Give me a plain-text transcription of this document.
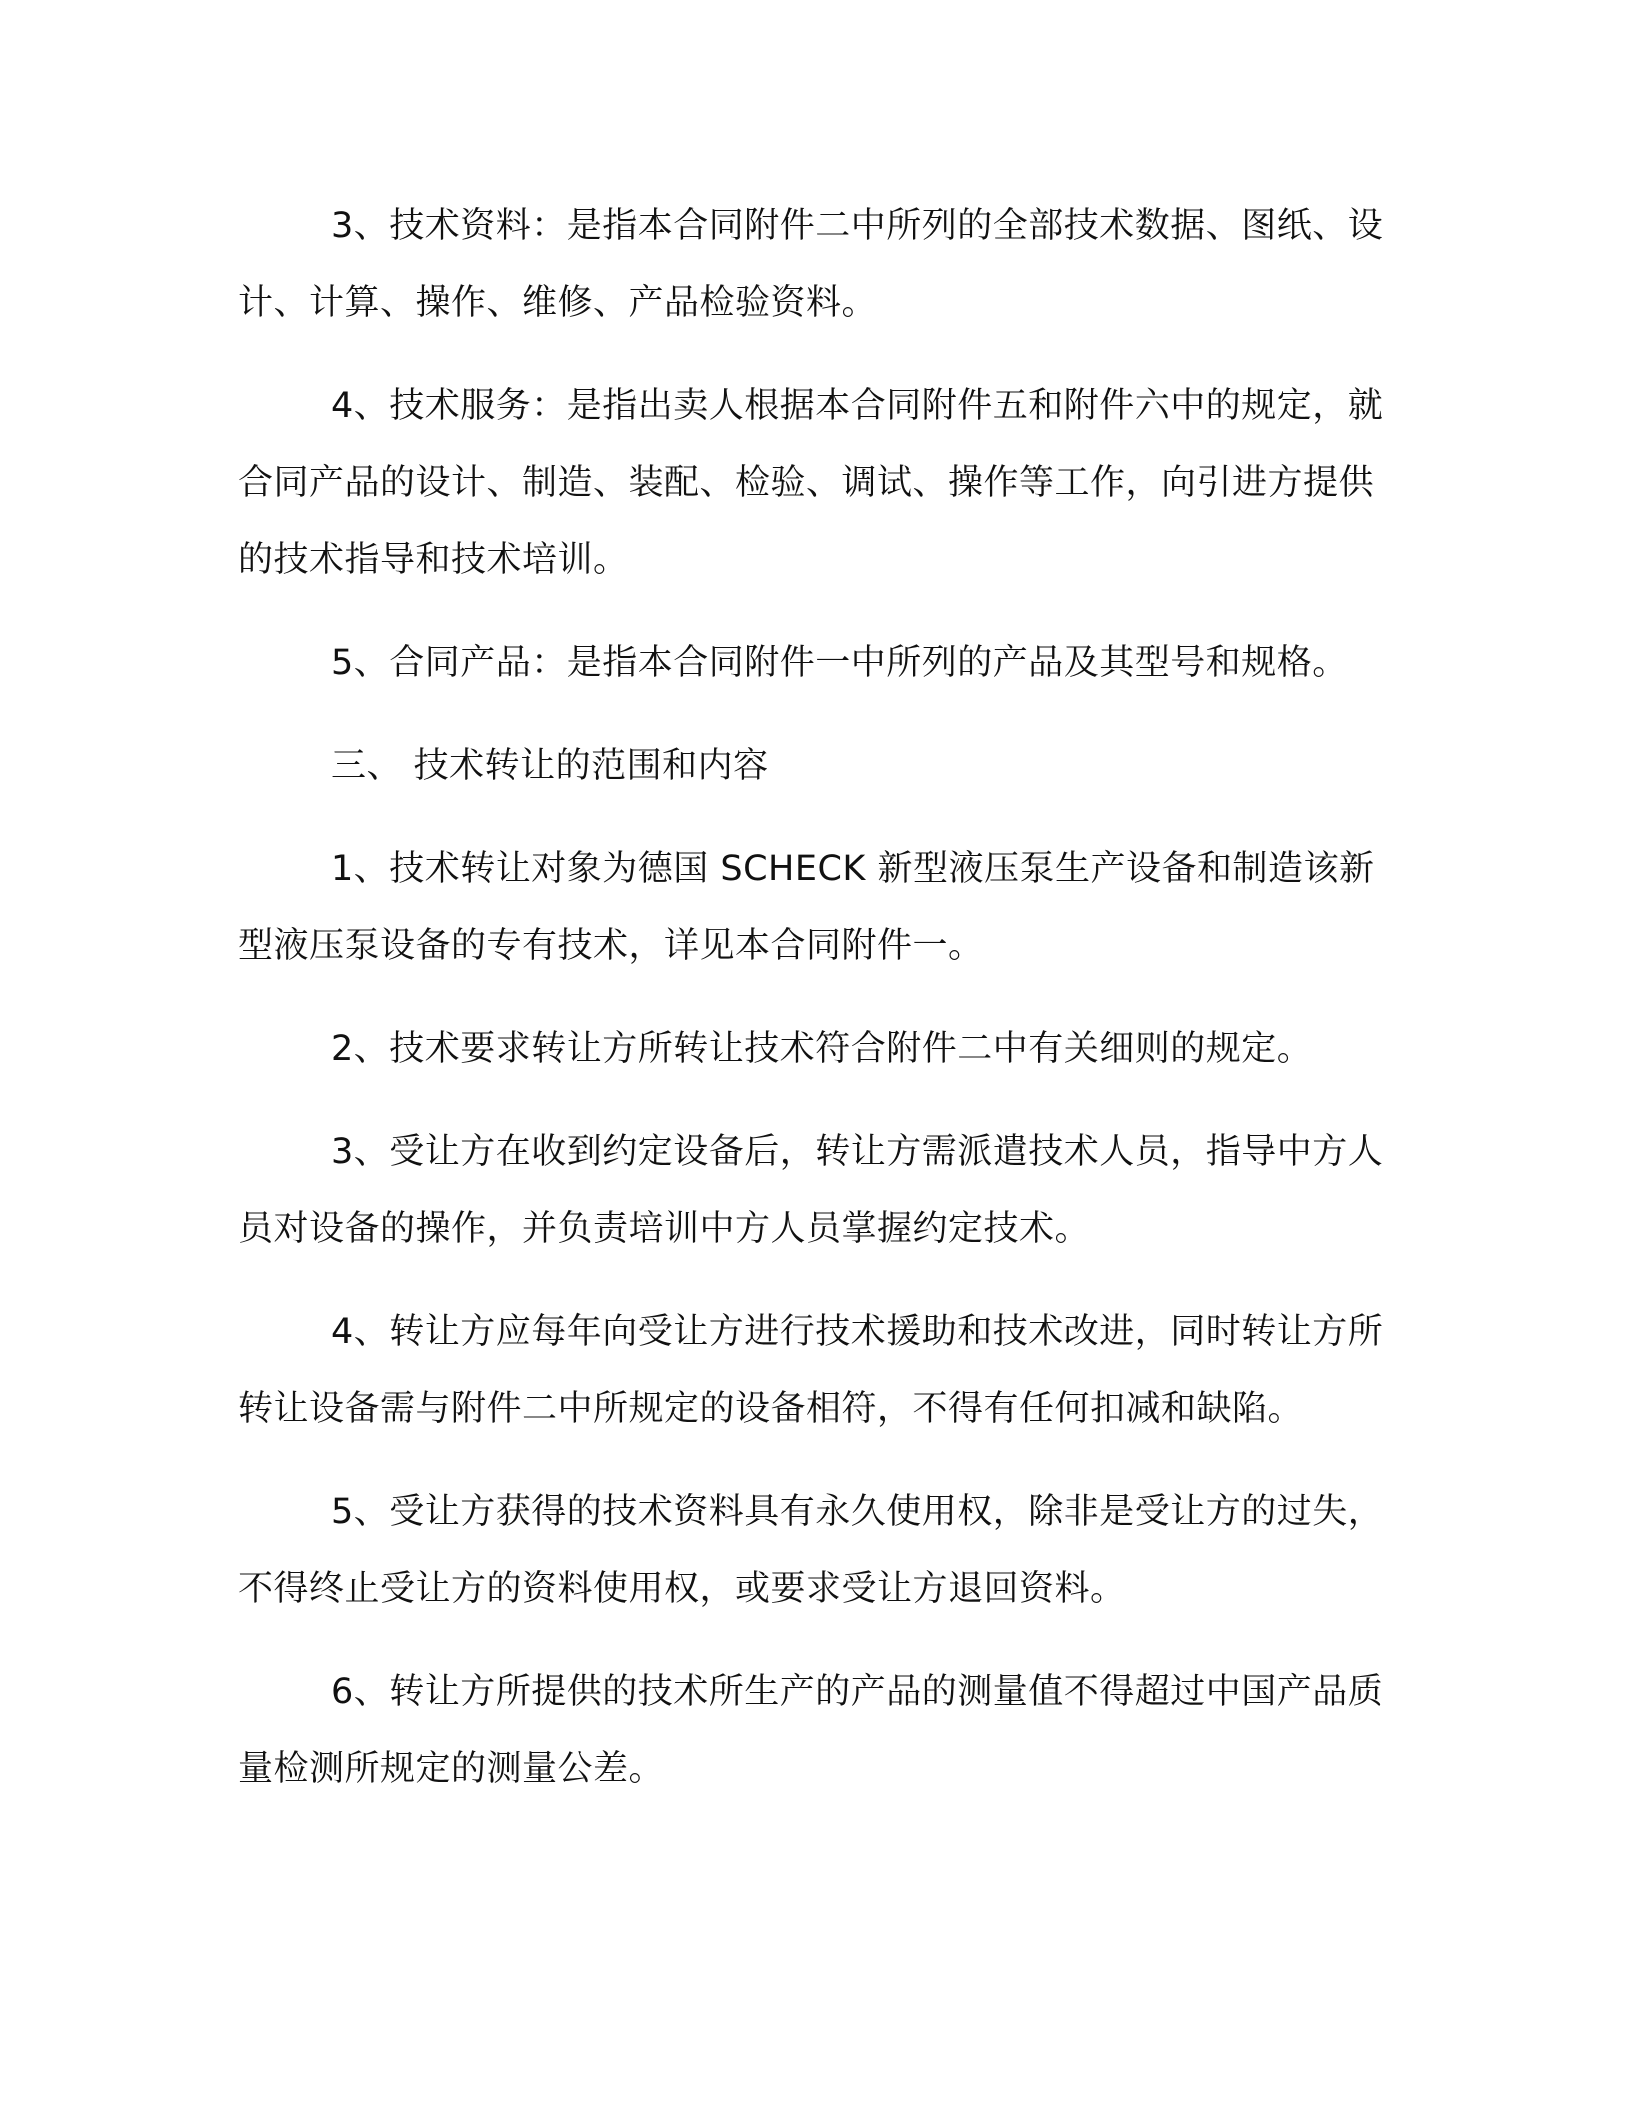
3、技术资料：是指本合同附件二中所列的全部技术数据、图纸、设计、计算、操作、维修、产品检验资料。

4、技术服务：是指出卖人根据本合同附件五和附件六中的规定，就合同产品的设计、制造、装配、检验、调试、操作等工作，向引进方提供的技术指导和技术培训。

5、合同产品：是指本合同附件一中所列的产品及其型号和规格。

三、 技术转让的范围和内容

1、技术转让对象为德国 SCHECK 新型液压泵生产设备和制造该新型液压泵设备的专有技术，详见本合同附件一。

2、技术要求转让方所转让技术符合附件二中有关细则的规定。

3、受让方在收到约定设备后，转让方需派遣技术人员，指导中方人员对设备的操作，并负责培训中方人员掌握约定技术。

4、转让方应每年向受让方进行技术援助和技术改进，同时转让方所转让设备需与附件二中所规定的设备相符，不得有任何扣减和缺陷。

5、受让方获得的技术资料具有永久使用权，除非是受让方的过失，不得终止受让方的资料使用权，或要求受让方退回资料。

6、转让方所提供的技术所生产的产品的测量值不得超过中国产品质量检测所规定的测量公差。
